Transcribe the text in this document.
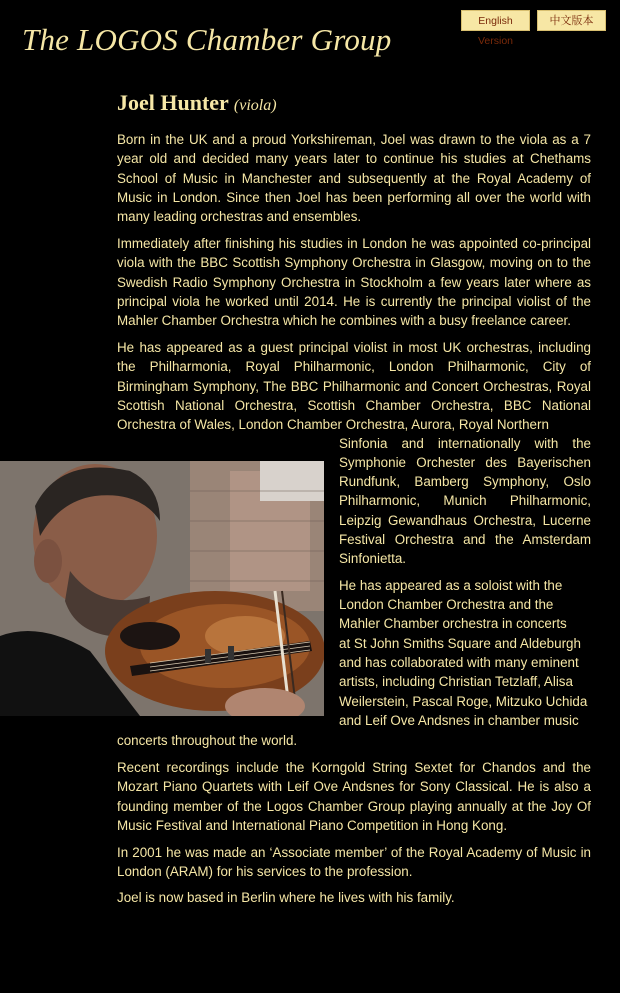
The LOGOS Chamber Group
English Version
中文版本
Joel Hunter (viola)

Born in the UK and a proud Yorkshireman, Joel was drawn to the viola as a 7 year old and decided many years later to continue his studies at Chethams School of Music in Manchester and subsequently at the Royal Academy of Music in London. Since then Joel has been performing all over the world with many leading orchestras and ensembles.

Immediately after finishing his studies in London he was appointed co-principal viola with the BBC Scottish Symphony Orchestra in Glasgow, moving on to the Swedish Radio Symphony Orchestra in Stockholm a few years later where as principal viola he worked until 2014. He is currently the principal violist of the Mahler Chamber Orchestra which he combines with a busy freelance career.

He has appeared as a guest principal violist in most UK orchestras, including the Philharmonia, Royal Philharmonic, London Philharmonic, City of Birmingham Symphony, The BBC Philharmonic and Concert Orchestras, Royal Scottish National Orchestra, Scottish Chamber Orchestra, BBC National Orchestra of Wales, London Chamber Orchestra, Aurora, Royal Northern

Sinfonia and internationally with the
Symphonie Orchester des Bayerischen
Rundfunk, Bamberg Symphony, Oslo
Philharmonic, Munich Philharmonic,
Leipzig Gewandhaus Orchestra, Lucerne
Festival Orchestra and the Amsterdam
Sinfonietta.
He has appeared as a soloist with the
London Chamber Orchestra and the
Mahler Chamber orchestra in concerts
at St John Smiths Square and Aldeburgh
and has collaborated with many eminent
artists, including Christian Tetzlaff, Alisa
Weilerstein, Pascal Roge, Mitzuko Uchida
and Leif Ove Andsnes in chamber music
concerts throughout the world.

Recent recordings include the Korngold String Sextet for Chandos and the Mozart Piano Quartets with Leif Ove Andsnes for Sony Classical. He is also a founding member of the Logos Chamber Group playing annually at the Joy Of Music Festival and International Piano Competition in Hong Kong.

In 2001 he was made an ‘Associate member’ of the Royal Academy of Music in London (ARAM) for his services to the profession.

Joel is now based in Berlin where he lives with his family.
